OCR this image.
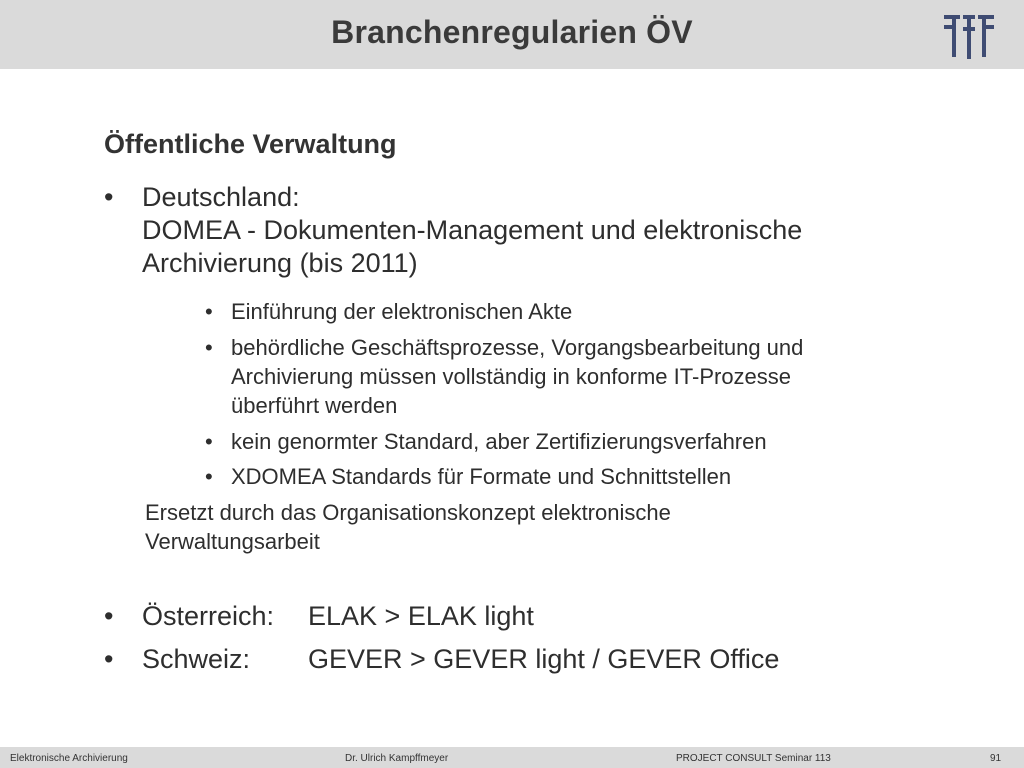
Branchenregularien ÖV
Öffentliche Verwaltung
• Deutschland:
DOMEA - Dokumenten-Management und elektronische
Archivierung (bis 2011)
• Einführung der elektronischen Akte
• behördliche Geschäftsprozesse, Vorgangsbearbeitung und
Archivierung müssen vollständig in konforme IT-Prozesse
überführt werden
• kein genormter Standard, aber Zertifizierungsverfahren
• XDOMEA Standards für Formate und Schnittstellen
Ersetzt durch das Organisationskonzept elektronische
Verwaltungsarbeit
• Österreich: ELAK > ELAK light
• Schweiz: GEVER > GEVER light / GEVER Office
Elektronische Archivierung	Dr. Ulrich Kampffmeyer	PROJECT CONSULT Seminar 113	91
